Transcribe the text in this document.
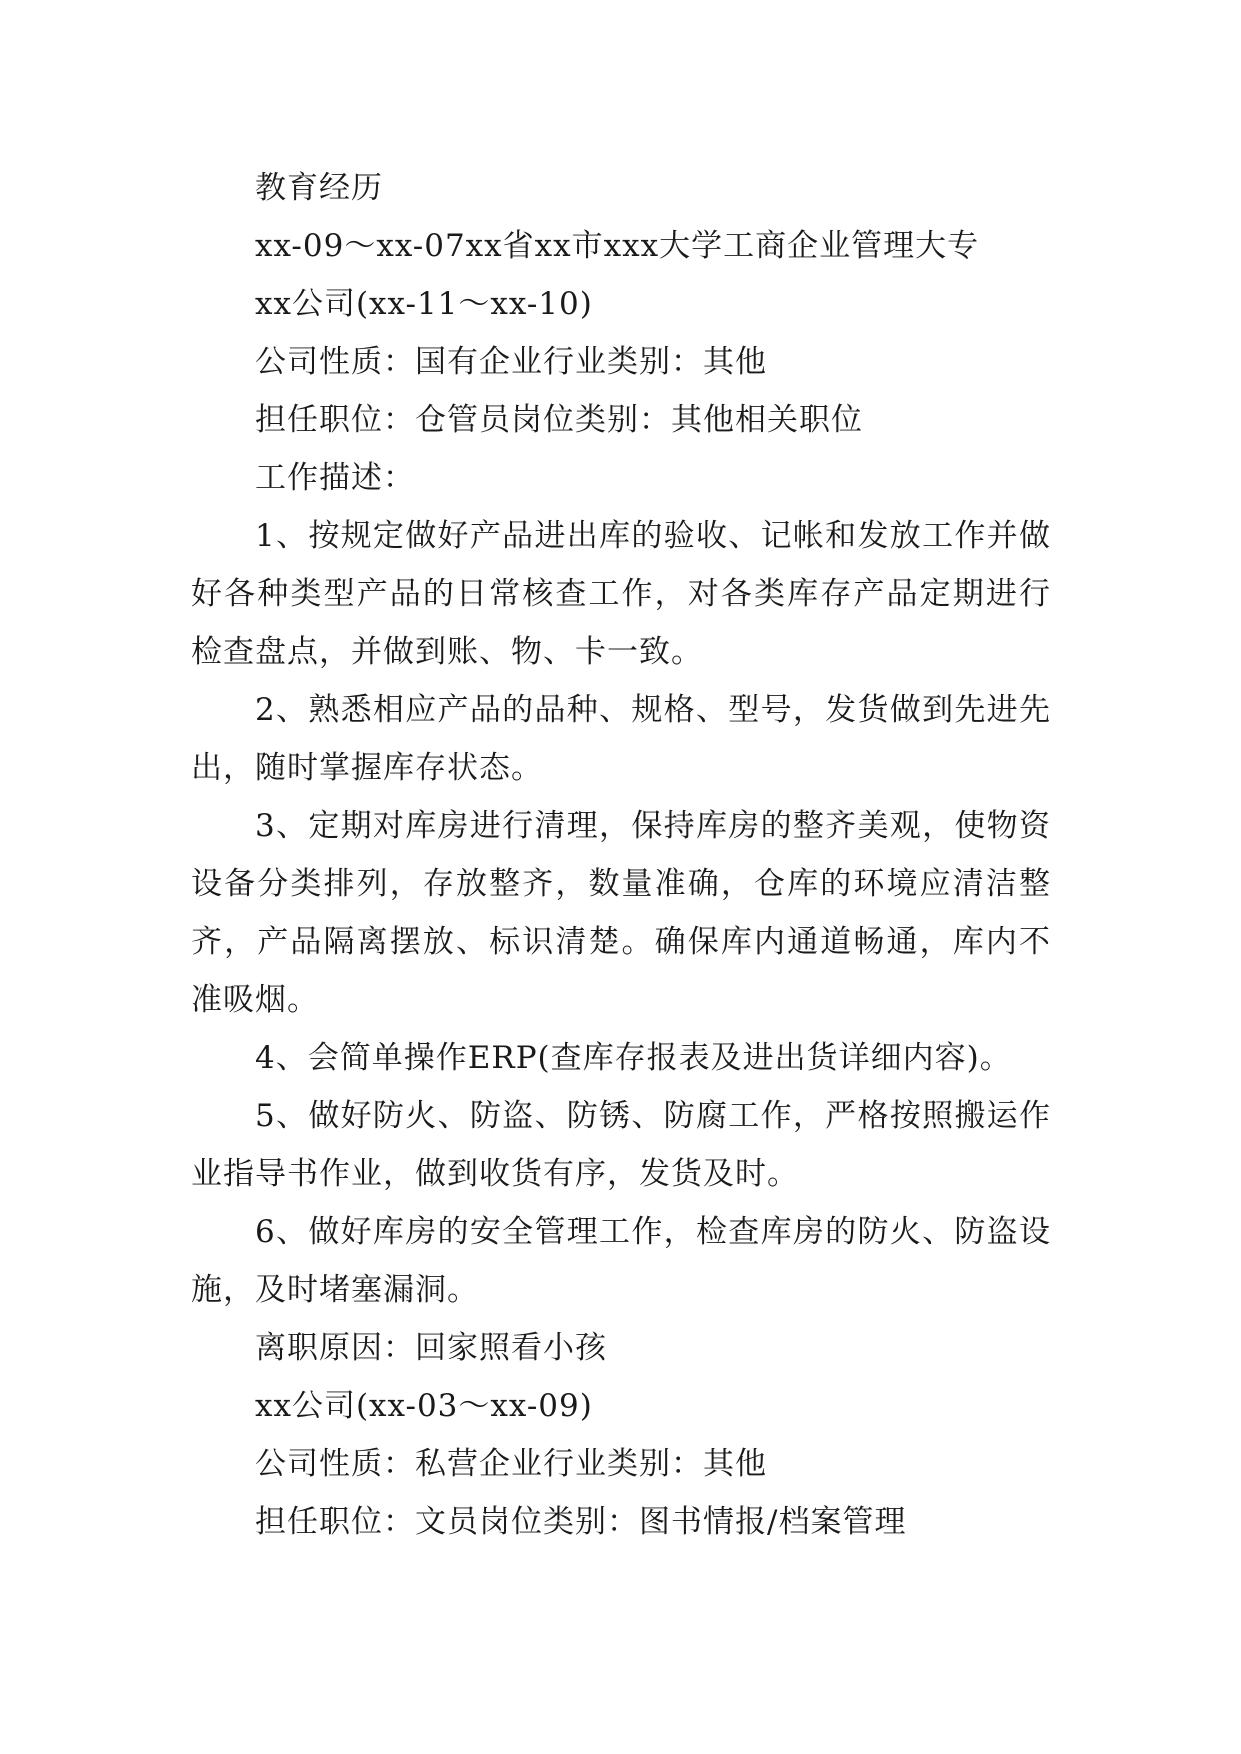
教育经历

xx-09～xx-07xx省xx市xxx大学工商企业管理大专

xx公司(xx-11～xx-10)

公司性质：国有企业行业类别：其他

担任职位：仓管员岗位类别：其他相关职位

工作描述：

1、按规定做好产品进出库的验收、记帐和发放工作并做好各种类型产品的日常核查工作，对各类库存产品定期进行检查盘点，并做到账、物、卡一致。

2、熟悉相应产品的品种、规格、型号，发货做到先进先出，随时掌握库存状态。

3、定期对库房进行清理，保持库房的整齐美观，使物资设备分类排列，存放整齐，数量准确，仓库的环境应清洁整齐，产品隔离摆放、标识清楚。确保库内通道畅通，库内不准吸烟。

4、会简单操作ERP(查库存报表及进出货详细内容)。

5、做好防火、防盗、防锈、防腐工作，严格按照搬运作业指导书作业，做到收货有序，发货及时。

6、做好库房的安全管理工作，检查库房的防火、防盗设施，及时堵塞漏洞。

离职原因：回家照看小孩

xx公司(xx-03～xx-09)

公司性质：私营企业行业类别：其他

担任职位：文员岗位类别：图书情报/档案管理
